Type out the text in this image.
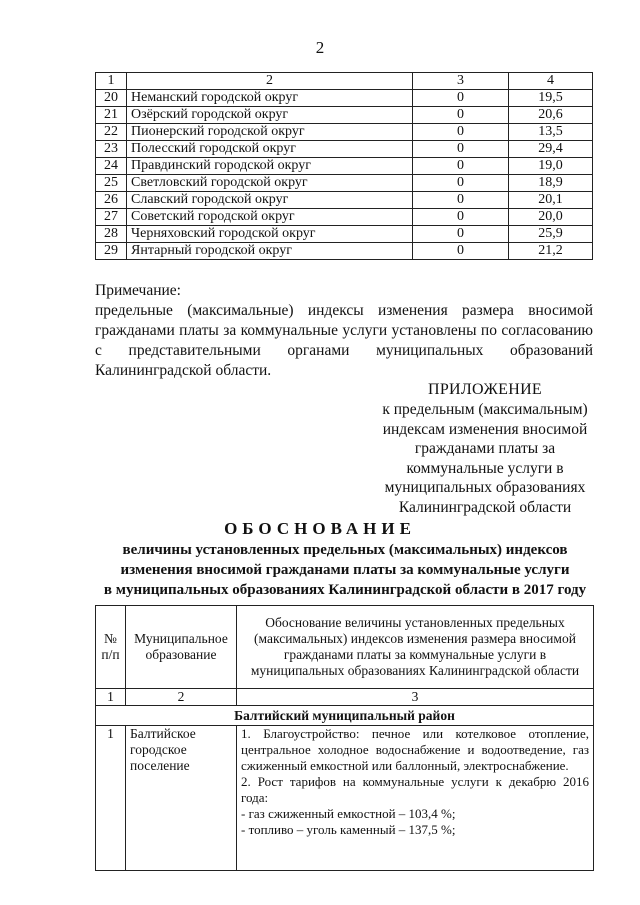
2
1	2	3	4
20	Неманский городской округ	0	19,5
21	Озёрский городской округ	0	20,6
22	Пионерский городской округ	0	13,5
23	Полесский городской округ	0	29,4
24	Правдинский городской округ	0	19,0
25	Светловский городской округ	0	18,9
26	Славский городской округ	0	20,1
27	Советский городской округ	0	20,0
28	Черняховский городской округ	0	25,9
29	Янтарный городской округ	0	21,2
Примечание:
предельные (максимальные) индексы изменения размера вносимой гражданами платы за коммунальные услуги установлены по согласованию с представительными органами муниципальных образований Калининградской области.
ПРИЛОЖЕНИЕ
к предельным (максимальным)
индексам изменения вносимой
гражданами платы за
коммунальные услуги в
муниципальных образованиях
Калининградской области
ОБОСНОВАНИЕ
величины установленных предельных (максимальных) индексов
изменения вносимой гражданами платы за коммунальные услуги
в муниципальных образованиях Калининградской области в 2017 году
№ п/п	Муниципальное образование	Обоснование величины установленных предельных (максимальных) индексов изменения размера вносимой гражданами платы за коммунальные услуги в муниципальных образованиях Калининградской области
1	2	3
Балтийский муниципальный район		
1	Балтийское городское поселение	1. Благоустройство: печное или котелковое отопление, центральное холодное водоснабжение и водоотведение, газ сжиженный емкостной или баллонный, электроснабжение.
2. Рост тарифов на коммунальные услуги к декабрю 2016 года:
- газ сжиженный емкостной – 103,4 %;
- топливо – уголь каменный – 137,5 %;
